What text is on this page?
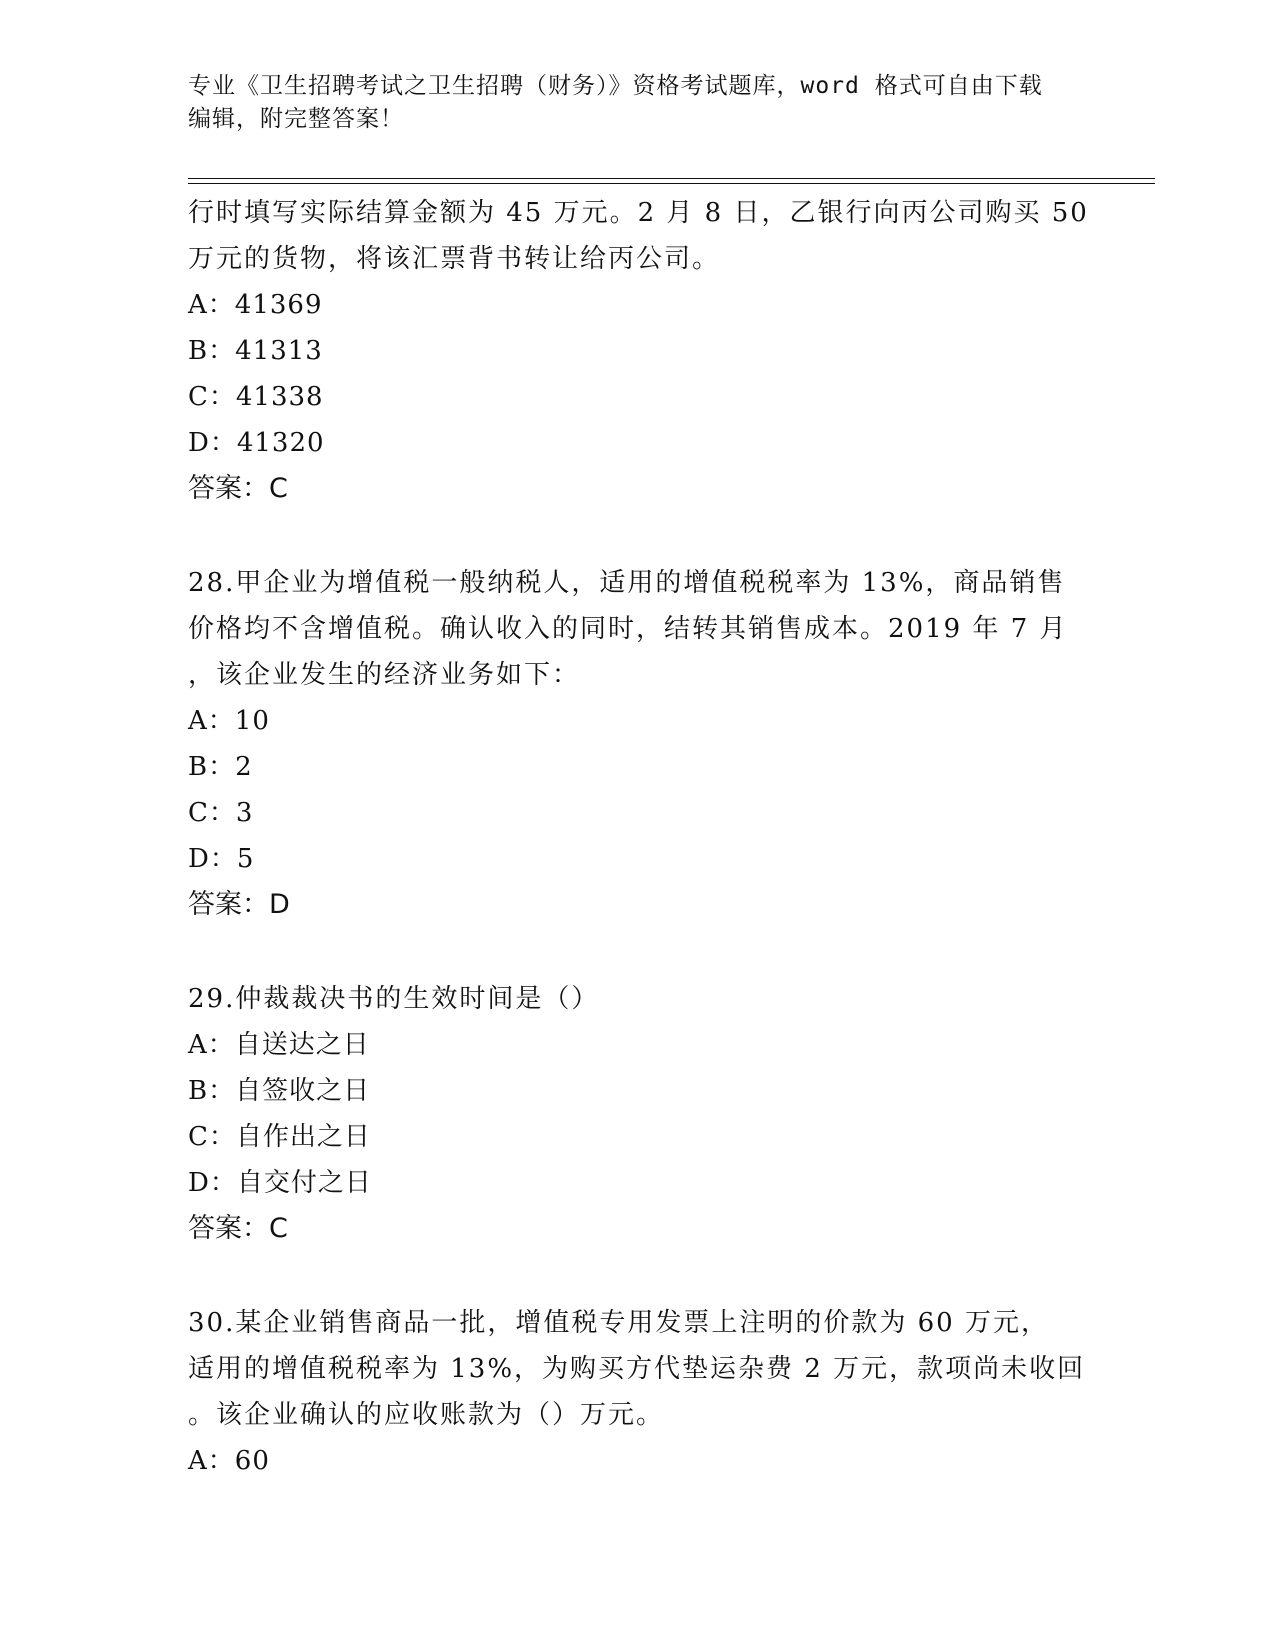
专业《卫生招聘考试之卫生招聘（财务）》资格考试题库，word 格式可自由下载
编辑，附完整答案！
行时填写实际结算金额为 45 万元。2 月 8 日，乙银行向丙公司购买 50
万元的货物，将该汇票背书转让给丙公司。
A：41369
B：41313
C：41338
D：41320
答案：C
28.甲企业为增值税一般纳税人，适用的增值税税率为 13%，商品销售
价格均不含增值税。确认收入的同时，结转其销售成本。2019 年 7 月
，该企业发生的经济业务如下：
A：10
B：2
C：3
D：5
答案：D
29.仲裁裁决书的生效时间是（）
A：自送达之日
B：自签收之日
C：自作出之日
D：自交付之日
答案：C
30.某企业销售商品一批，增值税专用发票上注明的价款为 60 万元，
适用的增值税税率为 13%，为购买方代垫运杂费 2 万元，款项尚未收回
。该企业确认的应收账款为（）万元。
A：60
